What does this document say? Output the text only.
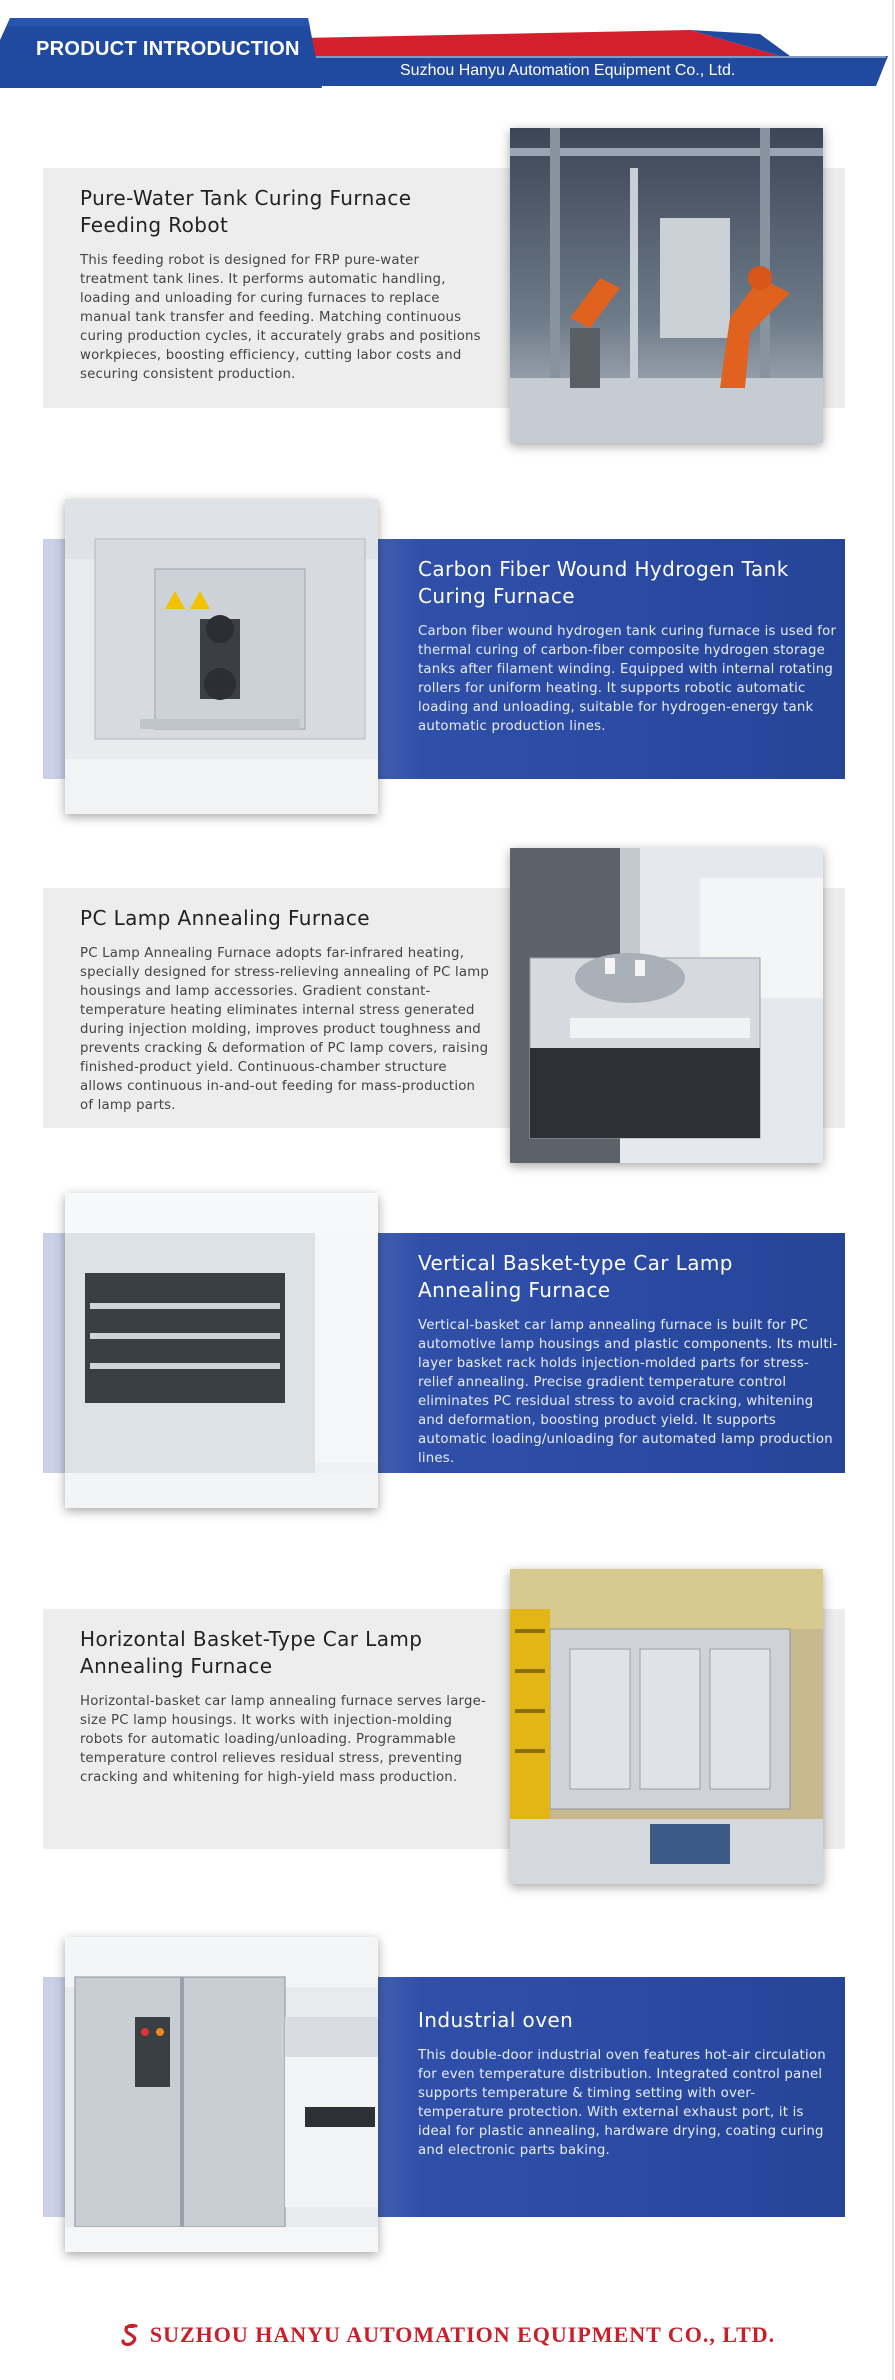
PRODUCT INTRODUCTION
Suzhou Hanyu Automation Equipment Co., Ltd.
Pure-Water Tank Curing Furnace Feeding Robot
This feeding robot is designed for FRP pure-water treatment tank lines. It performs automatic handling, loading and unloading for curing furnaces to replace manual tank transfer and feeding. Matching continuous curing production cycles, it accurately grabs and positions workpieces, boosting efficiency, cutting labor costs and securing consistent production.
Carbon Fiber Wound Hydrogen Tank Curing Furnace
Carbon fiber wound hydrogen tank curing furnace is used for thermal curing of carbon-fiber composite hydrogen storage tanks after filament winding. Equipped with internal rotating rollers for uniform heating. It supports robotic automatic loading and unloading, suitable for hydrogen-energy tank automatic production lines.
PC Lamp Annealing Furnace
PC Lamp Annealing Furnace adopts far-infrared heating, specially designed for stress-relieving annealing of PC lamp housings and lamp accessories. Gradient constant-temperature heating eliminates internal stress generated during injection molding, improves product toughness and prevents cracking & deformation of PC lamp covers, raising finished-product yield. Continuous-chamber structure allows continuous in-and-out feeding for mass-production of lamp parts.
Vertical Basket-type Car Lamp Annealing Furnace
Vertical-basket car lamp annealing furnace is built for PC automotive lamp housings and plastic components. Its multi-layer basket rack holds injection-molded parts for stress-relief annealing. Precise gradient temperature control eliminates PC residual stress to avoid cracking, whitening and deformation, boosting product yield. It supports automatic loading/unloading for automated lamp production lines.
Horizontal Basket-Type Car Lamp Annealing Furnace
Horizontal-basket car lamp annealing furnace serves large-size PC lamp housings. It works with injection-molding robots for automatic loading/unloading. Programmable temperature control relieves residual stress, preventing cracking and whitening for high-yield mass production.
Industrial oven
This double-door industrial oven features hot-air circulation for even temperature distribution. Integrated control panel supports temperature & timing setting with over-temperature protection. With external exhaust port, it is ideal for plastic annealing, hardware drying, coating curing and electronic parts baking.
SUZHOU HANYU AUTOMATION EQUIPMENT CO., LTD.
